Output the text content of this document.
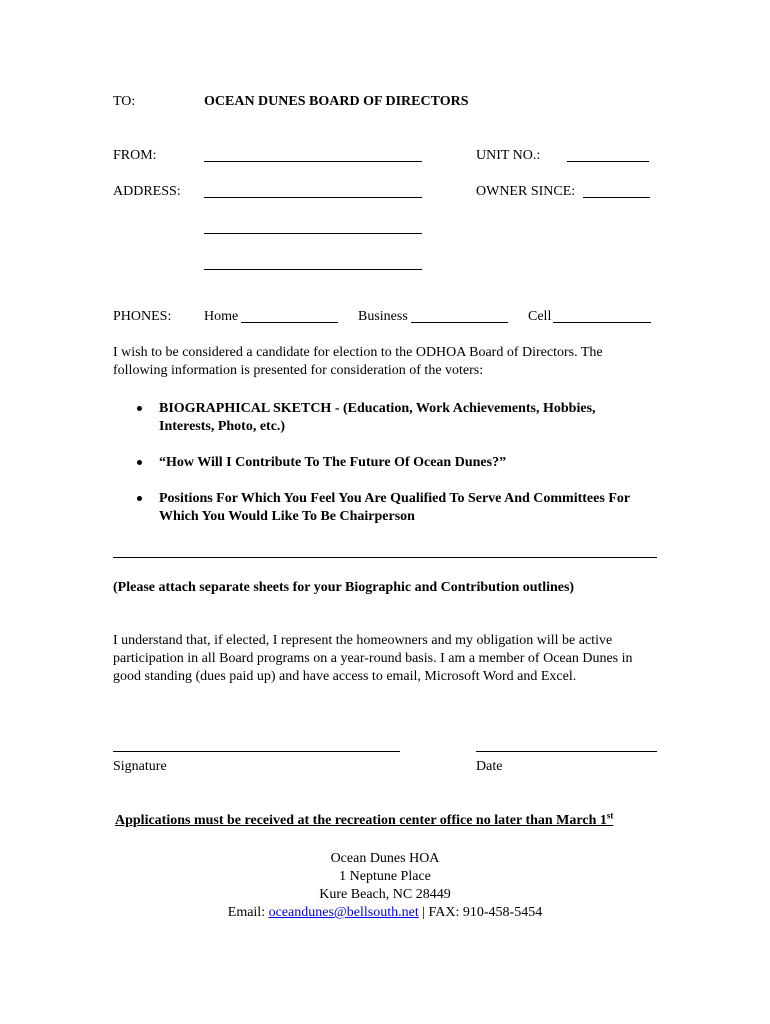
TO:	OCEAN DUNES BOARD OF DIRECTORS
FROM:	UNIT NO.:
ADDRESS:	OWNER SINCE:
PHONES: Home	Business	Cell
I wish to be considered a candidate for election to the ODHOA Board of Directors. The following information is presented for consideration of the voters:
BIOGRAPHICAL SKETCH - (Education, Work Achievements, Hobbies, Interests, Photo, etc.)
“How Will I Contribute To The Future Of Ocean Dunes?”
Positions For Which You Feel You Are Qualified To Serve And Committees For Which You Would Like To Be Chairperson
(Please attach separate sheets for your Biographic and Contribution outlines)
I understand that, if elected, I represent the homeowners and my obligation will be active participation in all Board programs on a year-round basis. I am a member of Ocean Dunes in good standing (dues paid up) and have access to email, Microsoft Word and Excel.
Signature	Date
Applications must be received at the recreation center office no later than March 1st
Ocean Dunes HOA
1 Neptune Place
Kure Beach, NC 28449
Email: oceandunes@bellsouth.net | FAX: 910-458-5454
